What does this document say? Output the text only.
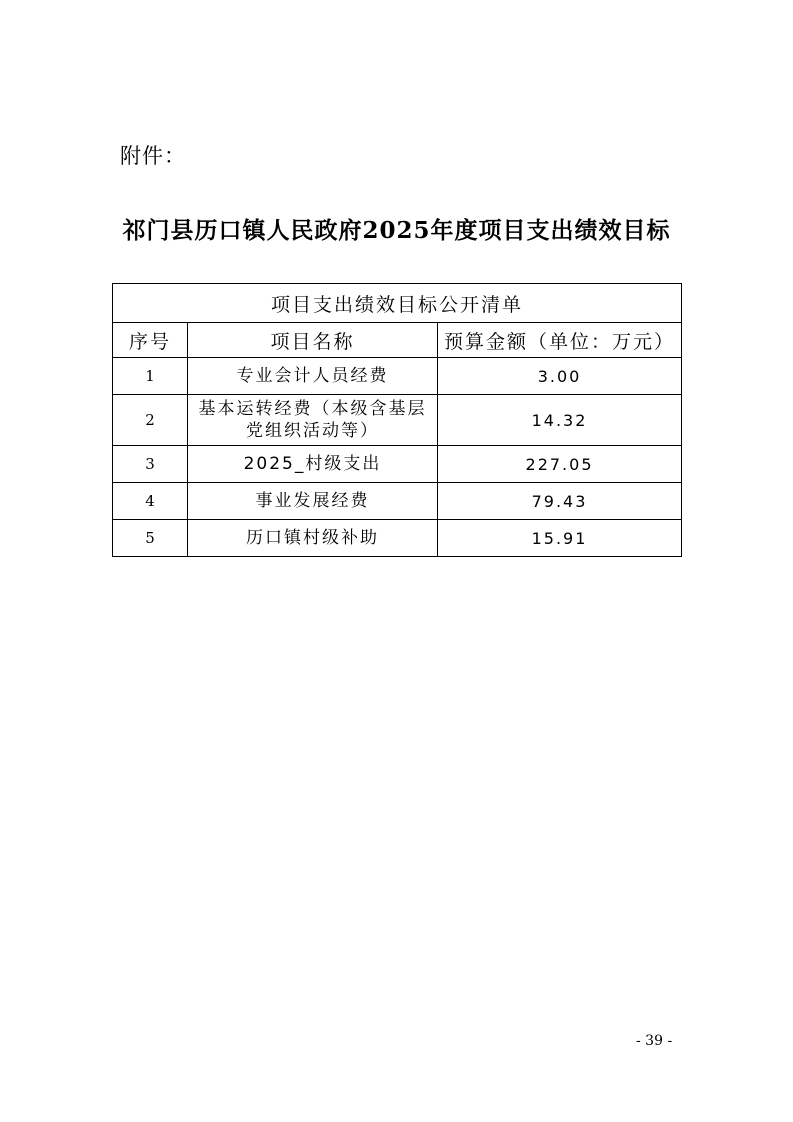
附件：
祁门县历口镇人民政府2025年度项目支出绩效目标
项目支出绩效目标公开清单		
序号	项目名称	预算金额（单位：万元）
1	专业会计人员经费	3.00
2	基本运转经费（本级含基层党组织活动等）	14.32
3	2025_村级支出	227.05
4	事业发展经费	79.43
5	历口镇村级补助	15.91
- 39 -
